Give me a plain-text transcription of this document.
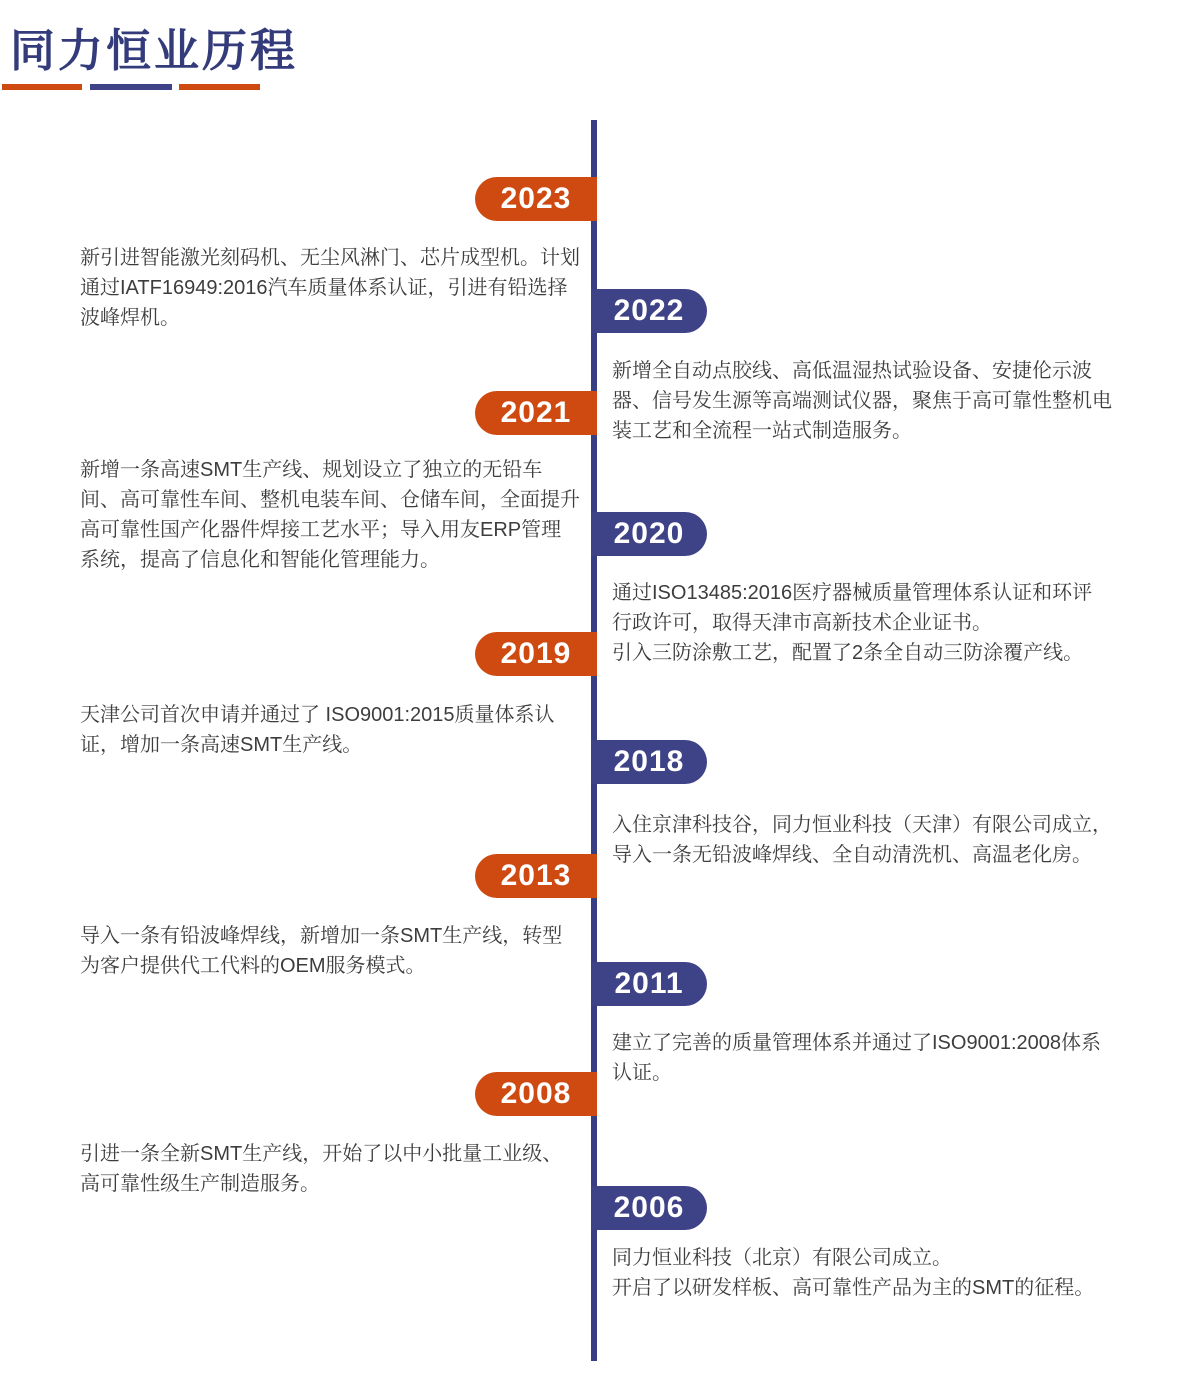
同力恒业历程
2023

新引进智能激光刻码机、无尘风淋门、芯片成型机。计划通过IATF16949:2016汽车质量体系认证，引进有铅选择波峰焊机。	2022

新增全自动点胶线、高低温湿热试验设备、安捷伦示波器、信号发生源等高端测试仪器，聚焦于高可靠性整机电装工艺和全流程一站式制造服务。

2021

新增一条高速SMT生产线、规划设立了独立的无铅车间、高可靠性车间、整机电装车间、仓储车间，全面提升高可靠性国产化器件焊接工艺水平；导入用友ERP管理系统，提高了信息化和智能化管理能力。

2020

通过ISO13485:2016医疗器械质量管理体系认证和环评行政许可，取得天津市高新技术企业证书。

引入三防涂敷工艺，配置了2条全自动三防涂覆产线。

2019

天津公司首次申请并通过了 ISO9001:2015质量体系认证，增加一条高速SMT生产线。	2018

入住京津科技谷，同力恒业科技（天津）有限公司成立，导入一条无铅波峰焊线、全自动清洗机、高温老化房。

2013

导入一条有铅波峰焊线，新增加一条SMT生产线，转型为客户提供代工代料的OEM服务模式。

2011

建立了完善的质量管理体系并通过了ISO9001:2008体系认证。

2008

引进一条全新SMT生产线，开始了以中小批量工业级、高可靠性级生产制造服务。

2006

同力恒业科技（北京）有限公司成立。

开启了以研发样板、高可靠性产品为主的SMT的征程。
